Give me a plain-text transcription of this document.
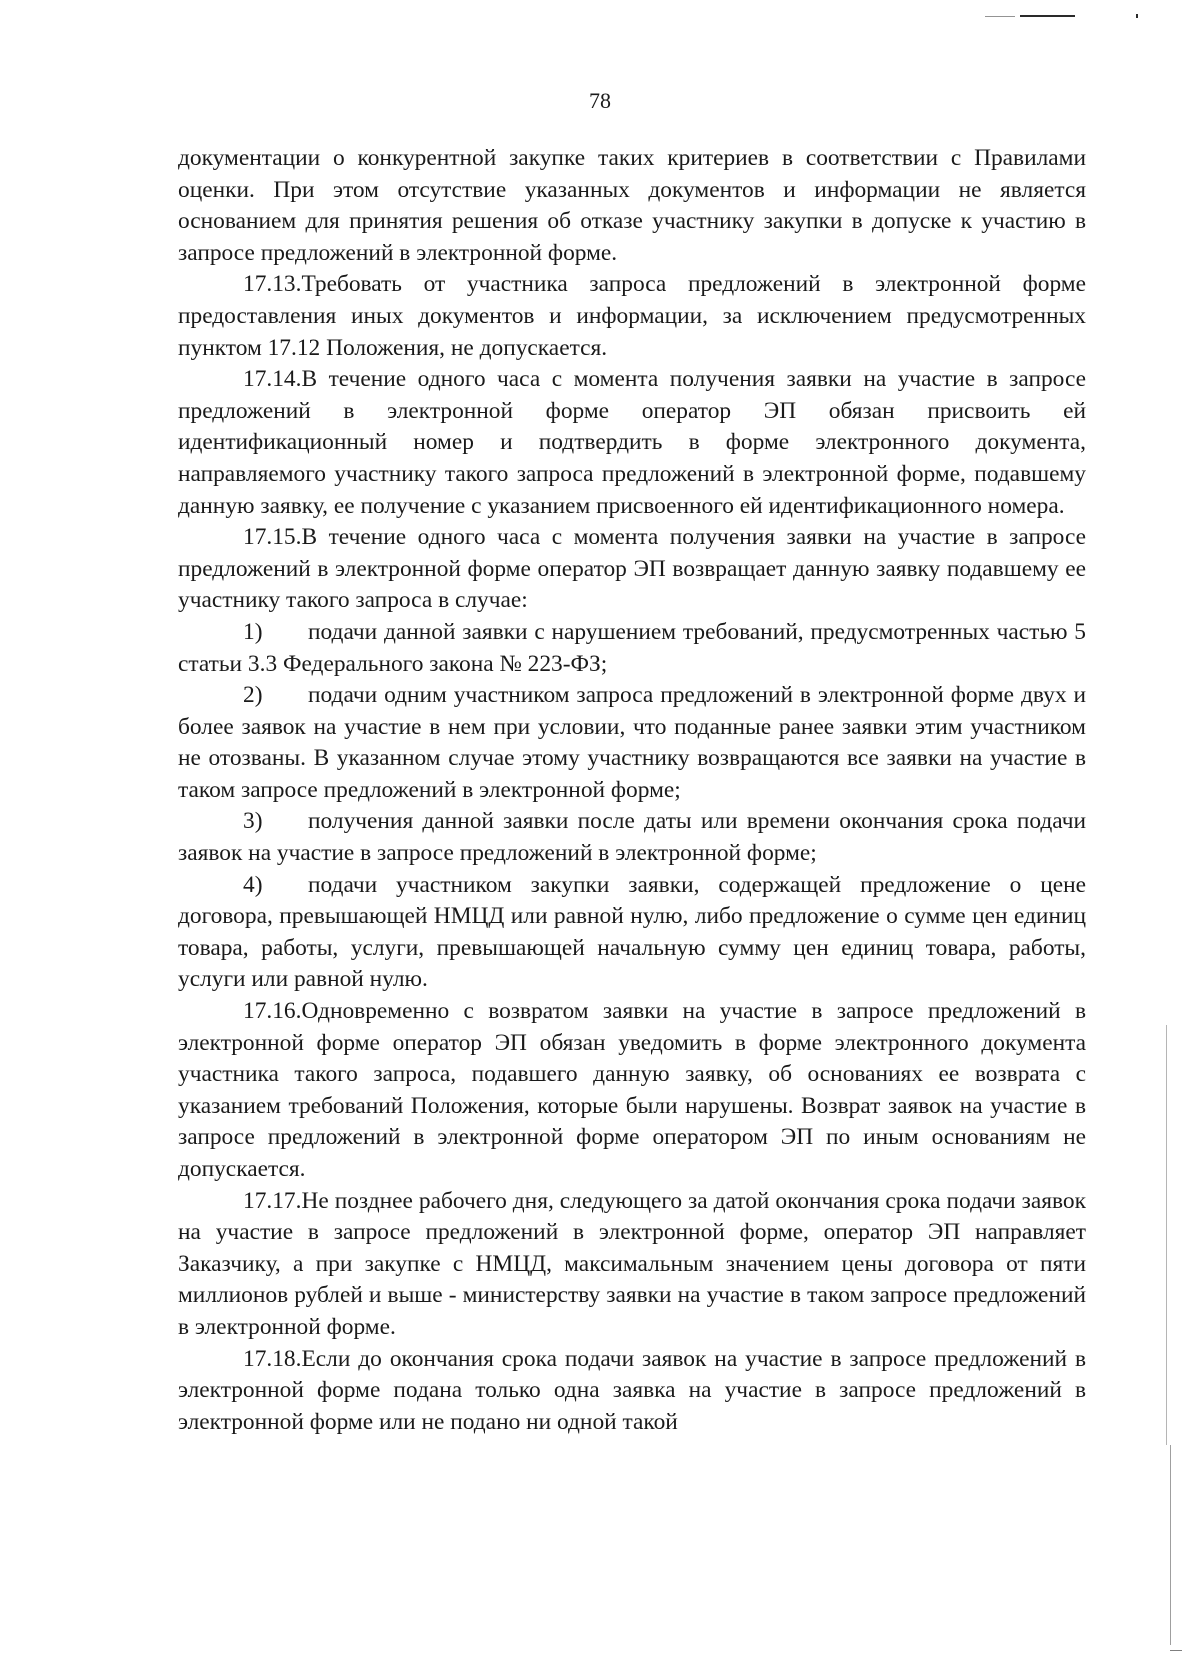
78

документации о конкурентной закупке таких критериев в соответствии с Правилами оценки. При этом отсутствие указанных документов и информации не является основанием для принятия решения об отказе участнику закупки в допуске к участию в запросе предложений в электронной форме.

17.13.Требовать от участника запроса предложений в электронной форме предоставления иных документов и информации, за исключением предусмотренных пунктом 17.12 Положения, не допускается.

17.14.В течение одного часа с момента получения заявки на участие в запросе предложений в электронной форме оператор ЭП обязан присвоить ей идентификационный номер и подтвердить в форме электронного документа, направляемого участнику такого запроса предложений в электронной форме, подавшему данную заявку, ее получение с указанием присвоенного ей идентификационного номера.

17.15.В течение одного часа с момента получения заявки на участие в запросе предложений в электронной форме оператор ЭП возвращает данную заявку подавшему ее участнику такого запроса в случае:

1) подачи данной заявки с нарушением требований, предусмотренных частью 5 статьи 3.3 Федерального закона № 223-ФЗ;

2) подачи одним участником запроса предложений в электронной форме двух и более заявок на участие в нем при условии, что поданные ранее заявки этим участником не отозваны. В указанном случае этому участнику возвращаются все заявки на участие в таком запросе предложений в электронной форме;

3) получения данной заявки после даты или времени окончания срока подачи заявок на участие в запросе предложений в электронной форме;

4) подачи участником закупки заявки, содержащей предложение о цене договора, превышающей НМЦД или равной нулю, либо предложение о сумме цен единиц товара, работы, услуги, превышающей начальную сумму цен единиц товара, работы, услуги или равной нулю.

17.16.Одновременно с возвратом заявки на участие в запросе предложений в электронной форме оператор ЭП обязан уведомить в форме электронного документа участника такого запроса, подавшего данную заявку, об основаниях ее возврата с указанием требований Положения, которые были нарушены. Возврат заявок на участие в запросе предложений в электронной форме оператором ЭП по иным основаниям не допускается.

17.17.Не позднее рабочего дня, следующего за датой окончания срока подачи заявок на участие в запросе предложений в электронной форме, оператор ЭП направляет Заказчику, а при закупке с НМЦД, максимальным значением цены договора от пяти миллионов рублей и выше - министерству заявки на участие в таком запросе предложений в электронной форме.

17.18.Если до окончания срока подачи заявок на участие в запросе предложений в электронной форме подана только одна заявка на участие в запросе предложений в электронной форме или не подано ни одной такой
